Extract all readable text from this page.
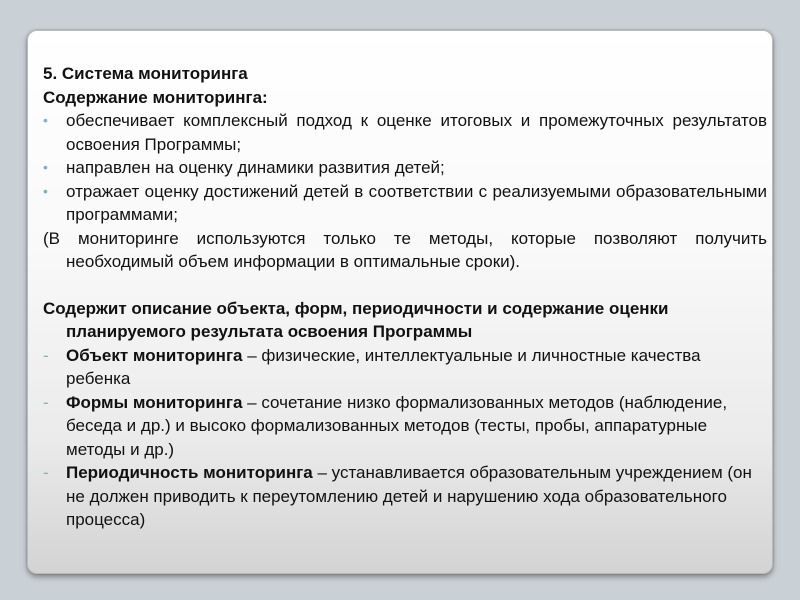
5. Система мониторинга

Содержание мониторинга:

• обеспечивает комплексный подход к оценке итоговых и промежуточных результатов освоения Программы;
• направлен на оценку динамики развития детей;
• отражает оценку достижений детей в соответствии с реализуемыми образовательными программами;

(В мониторинге используются только те методы, которые позволяют получить необходимый объем информации в оптимальные сроки).

Содержит описание объекта, форм, периодичности и содержание оценки планируемого результата освоения Программы

- Объект мониторинга – физические, интеллектуальные и личностные качества ребенка
- Формы мониторинга – сочетание низко формализованных методов (наблюдение, беседа и др.) и высоко формализованных методов (тесты, пробы, аппаратурные методы и др.)
- Периодичность мониторинга – устанавливается образовательным учреждением (он не должен приводить к переутомлению детей и нарушению хода образовательного процесса)
